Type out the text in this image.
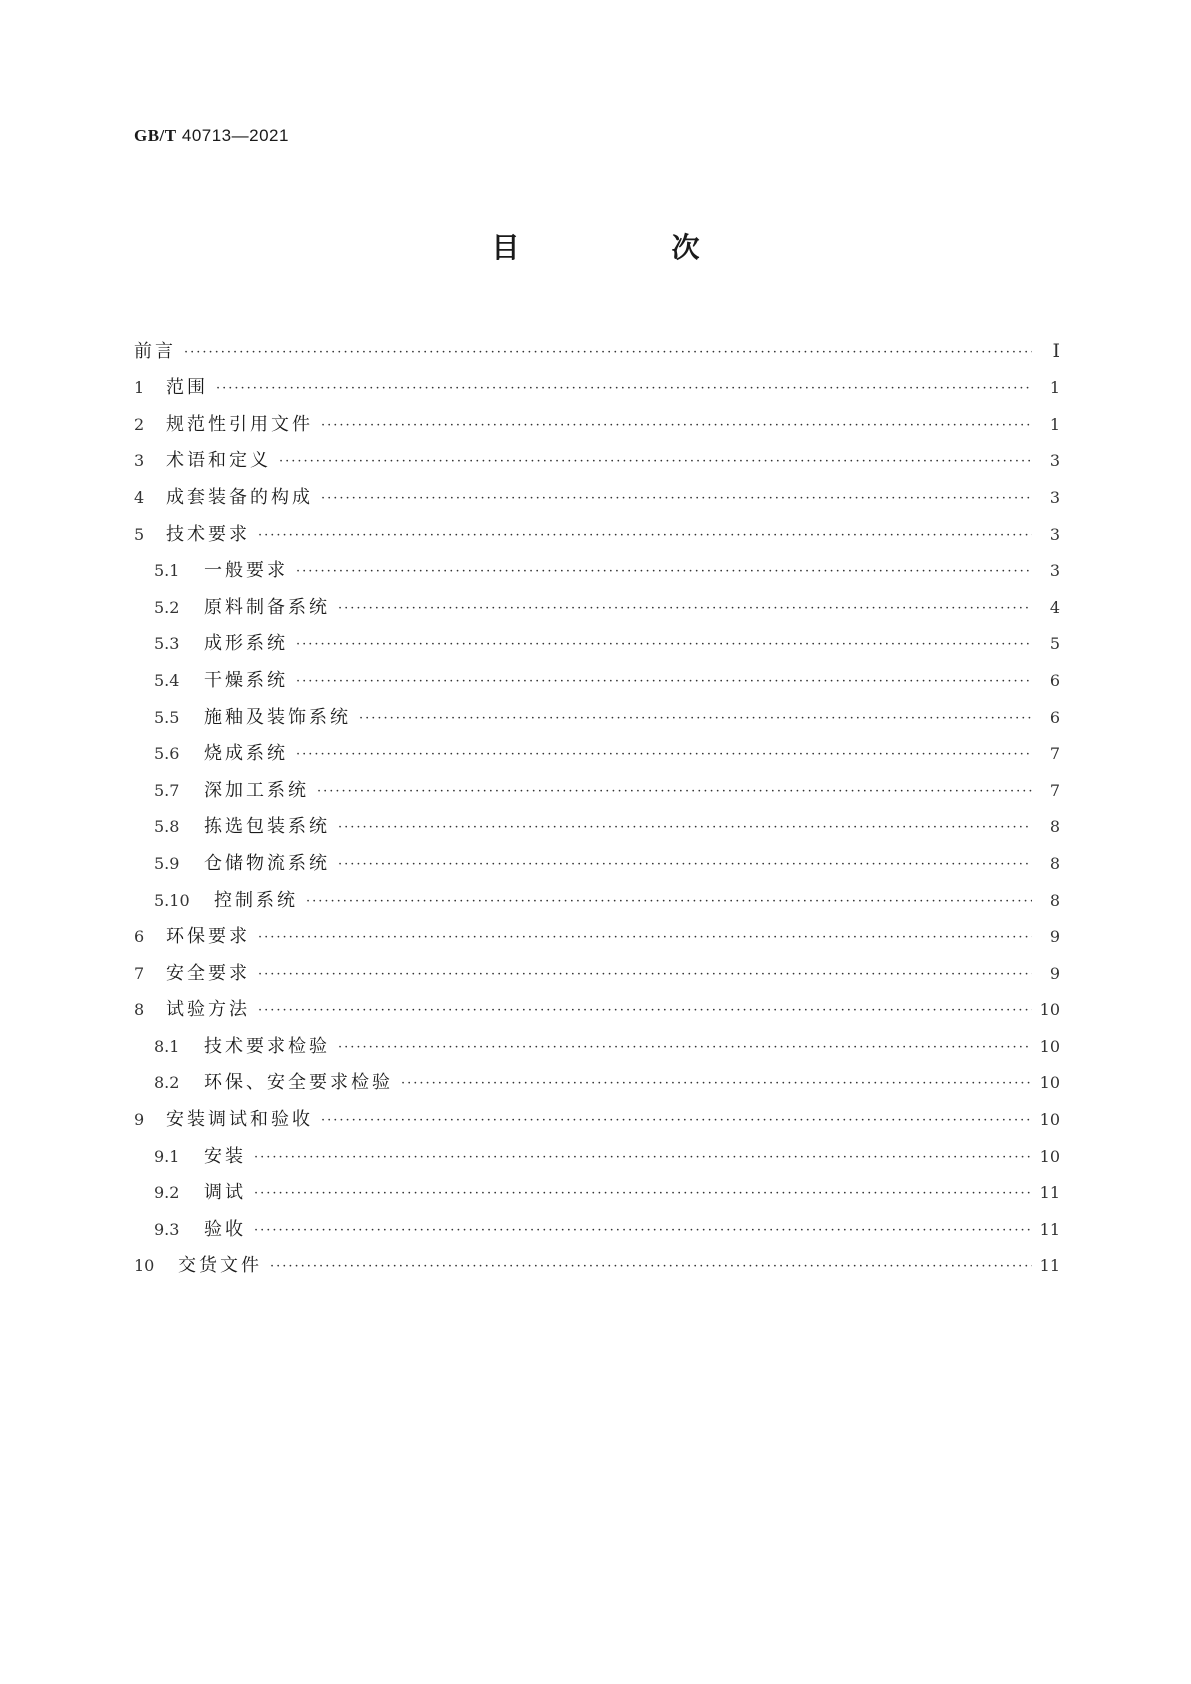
GB/T 40713—2021
目　次
前言 ·····	Ⅰ
1	范围 ·····	1
2	规范性引用文件 ·····	1
3	术语和定义 ·····	3
4	成套装备的构成 ·····	3
5	技术要求 ·····	3
5.1	一般要求 ·····	3
5.2	原料制备系统 ·····	4
5.3	成形系统 ·····	5
5.4	干燥系统 ·····	6
5.5	施釉及装饰系统 ·····	6
5.6	烧成系统 ·····	7
5.7	深加工系统 ·····	7
5.8	拣选包装系统 ·····	8
5.9	仓储物流系统 ·····	8
5.10	控制系统 ·····	8
6	环保要求 ·····	9
7	安全要求 ·····	9
8	试验方法 ·····	10
8.1	技术要求检验 ·····	10
8.2	环保、安全要求检验 ·····	10
9	安装调试和验收 ·····	10
9.1	安装 ·····	10
9.2	调试 ·····	11
9.3	验收 ·····	11
10	交货文件 ·····	11
